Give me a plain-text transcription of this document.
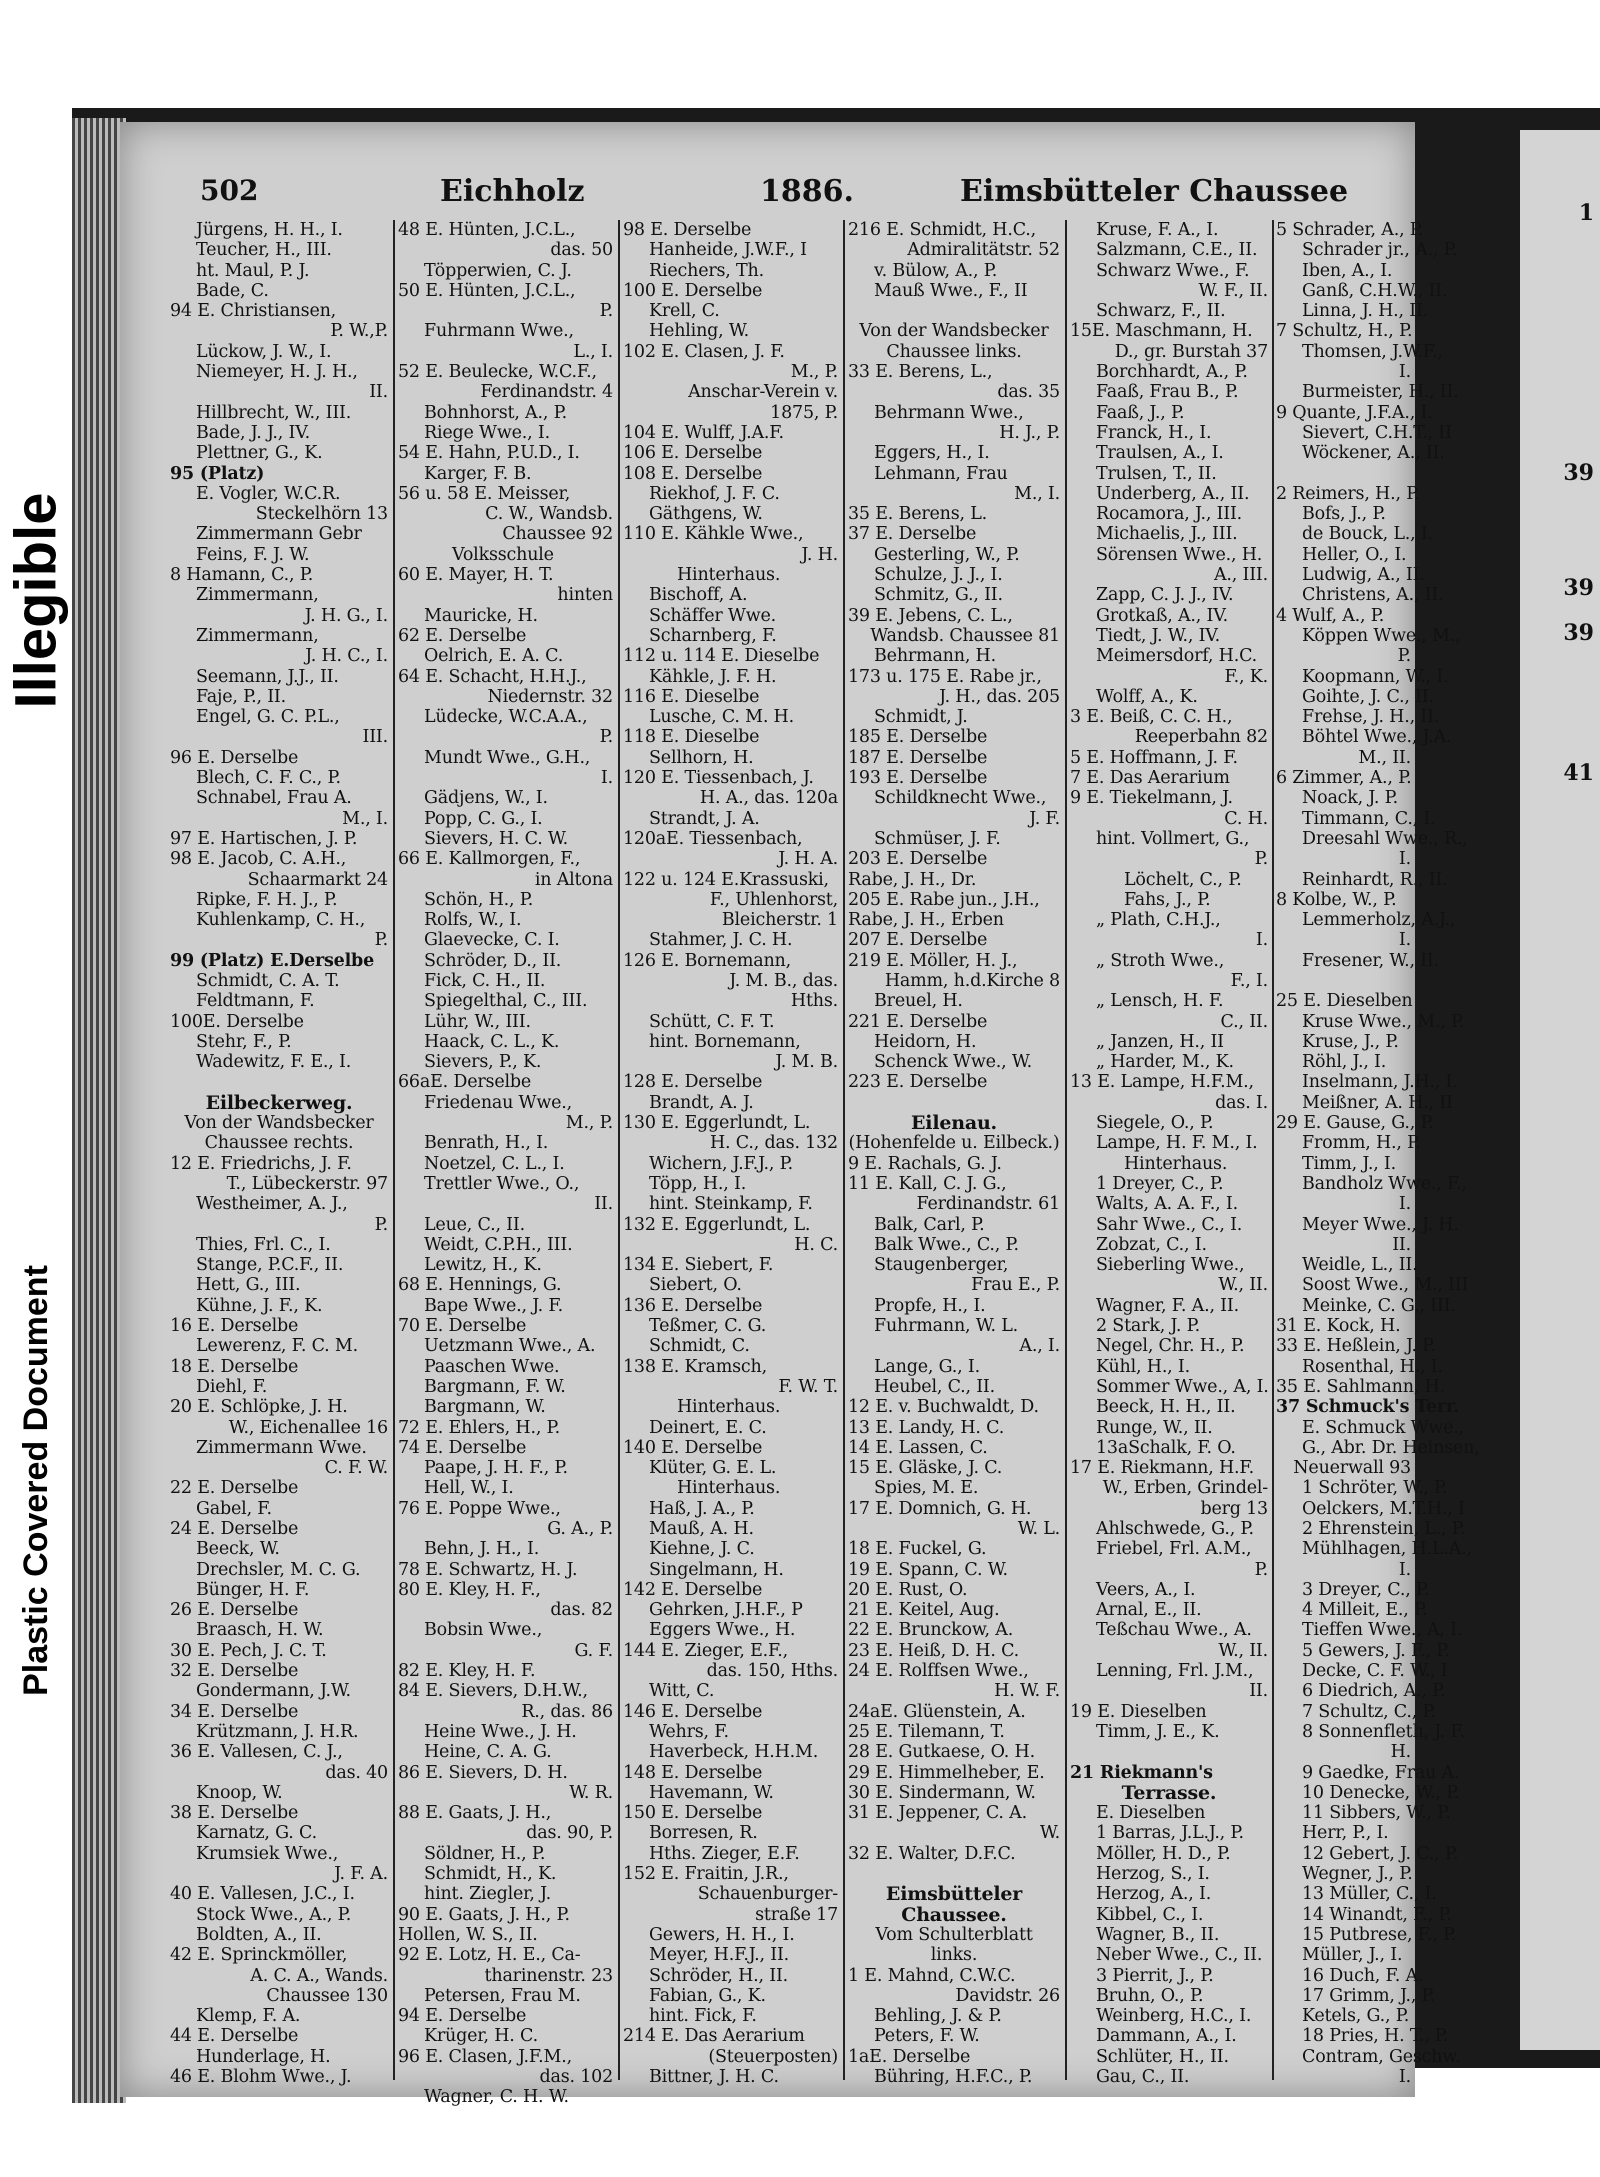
Illegible
Plastic Covered Document
1
39
39
39
41
502	Eichholz	1886.	Eimsbütteler Chaussee
Jürgens, H. H., I.
Teucher, H., III.
ht. Maul, P. J.
Bade, C.
94 E. Christiansen,
P. W.,P.
Lückow, J. W., I.
Niemeyer, H. J. H.,
II.
Hillbrecht, W., III.
Bade, J. J., IV.
Plettner, G., K.
95 (Platz)
E. Vogler, W.C.R.
Steckelhörn 13
Zimmermann Gebr
Feins, F. J. W.
8 Hamann, C., P.
Zimmermann,
J. H. G., I.
Zimmermann,
J. H. C., I.
Seemann, J.J., II.
Faje, P., II.
Engel, G. C. P.L.,
III.
96 E. Derselbe
Blech, C. F. C., P.
Schnabel, Frau A.
M., I.
97 E. Hartischen, J. P.
98 E. Jacob, C. A.H.,
Schaarmarkt 24
Ripke, F. H. J., P.
Kuhlenkamp, C. H.,
P.
99 (Platz) E.Derselbe
Schmidt, C. A. T.
Feldtmann, F.
100E. Derselbe
Stehr, F., P.
Wadewitz, F. E., I.
Eilbeckerweg.
Von der Wandsbecker
Chaussee rechts.
12 E. Friedrichs, J. F.
T., Lübeckerstr. 97
Westheimer, A. J.,
P.
Thies, Frl. C., I.
Stange, P.C.F., II.
Hett, G., III.
Kühne, J. F., K.
16 E. Derselbe
Lewerenz, F. C. M.
18 E. Derselbe
Diehl, F.
20 E. Schlöpke, J. H.
W., Eichenallee 16
Zimmermann Wwe.
C. F. W.
22 E. Derselbe
Gabel, F.
24 E. Derselbe
Beeck, W.
Drechsler, M. C. G.
Bünger, H. F.
26 E. Derselbe
Braasch, H. W.
30 E. Pech, J. C. T.
32 E. Derselbe
Gondermann, J.W.
34 E. Derselbe
Krützmann, J. H.R.
36 E. Vallesen, C. J.,
das. 40
Knoop, W.
38 E. Derselbe
Karnatz, G. C.
Krumsiek Wwe.,
J. F. A.
40 E. Vallesen, J.C., I.
Stock Wwe., A., P.
Boldten, A., II.
42 E. Sprinckmöller,
A. C. A., Wands.
Chaussee 130
Klemp, F. A.
44 E. Derselbe
Hunderlage, H.
46 E. Blohm Wwe., J.
48 E. Hünten, J.C.L.,
das. 50
Töpperwien, C. J.
50 E. Hünten, J.C.L.,
P.
Fuhrmann Wwe.,
L., I.
52 E. Beulecke, W.C.F.,
Ferdinandstr. 4
Bohnhorst, A., P.
Riege Wwe., I.
54 E. Hahn, P.U.D., I.
Karger, F. B.
56 u. 58 E. Meisser,
C. W., Wandsb.
Chaussee 92
Volksschule
60 E. Mayer, H. T.
hinten
Mauricke, H.
62 E. Derselbe
Oelrich, E. A. C.
64 E. Schacht, H.H.J.,
Niedernstr. 32
Lüdecke, W.C.A.A.,
P.
Mundt Wwe., G.H.,
I.
Gädjens, W., I.
Popp, C. G., I.
Sievers, H. C. W.
66 E. Kallmorgen, F.,
in Altona
Schön, H., P.
Rolfs, W., I.
Glaevecke, C. I.
Schröder, D., II.
Fick, C. H., II.
Spiegelthal, C., III.
Lühr, W., III.
Haack, C. L., K.
Sievers, P., K.
66aE. Derselbe
Friedenau Wwe.,
M., P.
Benrath, H., I.
Noetzel, C. L., I.
Trettler Wwe., O.,
II.
Leue, C., II.
Weidt, C.P.H., III.
Lewitz, H., K.
68 E. Hennings, G.
Bape Wwe., J. F.
70 E. Derselbe
Uetzmann Wwe., A.
Paaschen Wwe.
Bargmann, F. W.
Bargmann, W.
72 E. Ehlers, H., P.
74 E. Derselbe
Paape, J. H. F., P.
Hell, W., I.
76 E. Poppe Wwe.,
G. A., P.
Behn, J. H., I.
78 E. Schwartz, H. J.
80 E. Kley, H. F.,
das. 82
Bobsin Wwe.,
G. F.
82 E. Kley, H. F.
84 E. Sievers, D.H.W.,
R., das. 86
Heine Wwe., J. H.
Heine, C. A. G.
86 E. Sievers, D. H.
W. R.
88 E. Gaats, J. H.,
das. 90, P.
Söldner, H., P.
Schmidt, H., K.
hint. Ziegler, J.
90 E. Gaats, J. H., P.
Hollen, W. S., II.
92 E. Lotz, H. E., Ca-
tharinenstr. 23
Petersen, Frau M.
94 E. Derselbe
Krüger, H. C.
96 E. Clasen, J.F.M.,
das. 102
Wagner, C. H. W.
98 E. Derselbe
Hanheide, J.W.F., I
Riechers, Th.
100 E. Derselbe
Krell, C.
Hehling, W.
102 E. Clasen, J. F.
M., P.
Anschar-Verein v.
1875, P.
104 E. Wulff, J.A.F.
106 E. Derselbe
108 E. Derselbe
Riekhof, J. F. C.
Gäthgens, W.
110 E. Kähkle Wwe.,
J. H.
Hinterhaus.
Bischoff, A.
Schäffer Wwe.
Scharnberg, F.
112 u. 114 E. Dieselbe
Kähkle, J. F. H.
116 E. Dieselbe
Lusche, C. M. H.
118 E. Dieselbe
Sellhorn, H.
120 E. Tiessenbach, J.
H. A., das. 120a
Strandt, J. A.
120aE. Tiessenbach,
J. H. A.
122 u. 124 E.Krassuski,
F., Uhlenhorst,
Bleicherstr. 1
Stahmer, J. C. H.
126 E. Bornemann,
J. M. B., das.
Hths.
Schütt, C. F. T.
hint. Bornemann,
J. M. B.
128 E. Derselbe
Brandt, A. J.
130 E. Eggerlundt, L.
H. C., das. 132
Wichern, J.F.J., P.
Töpp, H., I.
hint. Steinkamp, F.
132 E. Eggerlundt, L.
H. C.
134 E. Siebert, F.
Siebert, O.
136 E. Derselbe
Teßmer, C. G.
Schmidt, C.
138 E. Kramsch,
F. W. T.
Hinterhaus.
Deinert, E. C.
140 E. Derselbe
Klüter, G. E. L.
Hinterhaus.
Haß, J. A., P.
Mauß, A. H.
Kiehne, J. C.
Singelmann, H.
142 E. Derselbe
Gehrken, J.H.F., P
Eggers Wwe., H.
144 E. Zieger, E.F.,
das. 150, Hths.
Witt, C.
146 E. Derselbe
Wehrs, F.
Haverbeck, H.H.M.
148 E. Derselbe
Havemann, W.
150 E. Derselbe
Borresen, R.
Hths. Zieger, E.F.
152 E. Fraitin, J.R.,
Schauenburger-
straße 17
Gewers, H. H., I.
Meyer, H.F.J., II.
Schröder, H., II.
Fabian, G., K.
hint. Fick, F.
214 E. Das Aerarium
(Steuerposten)
Bittner, J. H. C.
216 E. Schmidt, H.C.,
Admiralitätstr. 52
v. Bülow, A., P.
Mauß Wwe., F., II
Von der Wandsbecker
Chaussee links.
33 E. Berens, L.,
das. 35
Behrmann Wwe.,
H. J., P.
Eggers, H., I.
Lehmann, Frau
M., I.
35 E. Berens, L.
37 E. Derselbe
Gesterling, W., P.
Schulze, J. J., I.
Schmitz, G., II.
39 E. Jebens, C. L.,
Wandsb. Chaussee 81
Behrmann, H.
173 u. 175 E. Rabe jr.,
J. H., das. 205
Schmidt, J.
185 E. Derselbe
187 E. Derselbe
193 E. Derselbe
Schildknecht Wwe.,
J. F.
Schmüser, J. F.
203 E. Derselbe
Rabe, J. H., Dr.
205 E. Rabe jun., J.H.,
Rabe, J. H., Erben
207 E. Derselbe
219 E. Möller, H. J.,
Hamm, h.d.Kirche 8
Breuel, H.
221 E. Derselbe
Heidorn, H.
Schenck Wwe., W.
223 E. Derselbe
Eilenau.
(Hohenfelde u. Eilbeck.)
9 E. Rachals, G. J.
11 E. Kall, C. J. G.,
Ferdinandstr. 61
Balk, Carl, P.
Balk Wwe., C., P.
Staugenberger,
Frau E., P.
Propfe, H., I.
Fuhrmann, W. L.
A., I.
Lange, G., I.
Heubel, C., II.
12 E. v. Buchwaldt, D.
13 E. Landy, H. C.
14 E. Lassen, C.
15 E. Gläske, J. C.
Spies, M. E.
17 E. Domnich, G. H.
W. L.
18 E. Fuckel, G.
19 E. Spann, C. W.
20 E. Rust, O.
21 E. Keitel, Aug.
22 E. Brunckow, A.
23 E. Heiß, D. H. C.
24 E. Rolffsen Wwe.,
H. W. F.
24aE. Glüenstein, A.
25 E. Tilemann, T.
28 E. Gutkaese, O. H.
29 E. Himmelheber, E.
30 E. Sindermann, W.
31 E. Jeppener, C. A.
W.
32 E. Walter, D.F.C.
Eimsbütteler
Chaussee.
Vom Schulterblatt
links.
1 E. Mahnd, C.W.C.
Davidstr. 26
Behling, J. & P.
Peters, F. W.
1aE. Derselbe
Bühring, H.F.C., P.
Kruse, F. A., I.
Salzmann, C.E., II.
Schwarz Wwe., F.
W. F., II.
Schwarz, F., II.
15E. Maschmann, H.
D., gr. Burstah 37
Borchhardt, A., P.
Faaß, Frau B., P.
Faaß, J., P.
Franck, H., I.
Traulsen, A., I.
Trulsen, T., II.
Underberg, A., II.
Rocamora, J., III.
Michaelis, J., III.
Sörensen Wwe., H.
A., III.
Zapp, C. J. J., IV.
Grotkaß, A., IV.
Tiedt, J. W., IV.
Meimersdorf, H.C.
F., K.
Wolff, A., K.
3 E. Beiß, C. C. H.,
Reeperbahn 82
5 E. Hoffmann, J. F.
7 E. Das Aerarium
9 E. Tiekelmann, J.
C. H.
hint. Vollmert, G.,
P.
Löchelt, C., P.
Fahs, J., P.
„ Plath, C.H.J.,
I.
„ Stroth Wwe.,
F., I.
„ Lensch, H. F.
C., II.
„ Janzen, H., II
„ Harder, M., K.
13 E. Lampe, H.F.M.,
das. I.
Siegele, O., P.
Lampe, H. F. M., I.
Hinterhaus.
1 Dreyer, C., P.
Walts, A. A. F., I.
Sahr Wwe., C., I.
Zobzat, C., I.
Sieberling Wwe.,
W., II.
Wagner, F. A., II.
2 Stark, J. P.
Negel, Chr. H., P.
Kühl, H., I.
Sommer Wwe., A, I.
Beeck, H. H., II.
Runge, W., II.
13aSchalk, F. O.
17 E. Riekmann, H.F.
W., Erben, Grindel-
berg 13
Ahlschwede, G., P.
Friebel, Frl. A.M.,
P.
Veers, A., I.
Arnal, E., II.
Teßchau Wwe., A.
W., II.
Lenning, Frl. J.M.,
II.
19 E. Dieselben
Timm, J. E., K.
21 Riekmann's
Terrasse.
E. Dieselben
1 Barras, J.L.J., P.
Möller, H. D., P.
Herzog, S., I.
Herzog, A., I.
Kibbel, C., I.
Wagner, B., II.
Neber Wwe., C., II.
3 Pierrit, J., P.
Bruhn, O., P.
Weinberg, H.C., I.
Dammann, A., I.
Schlüter, H., II.
Gau, C., II.
5 Schrader, A., P.
Schrader jr., A., P.
Iben, A., I.
Ganß, C.H.W., II.
Linna, J. H., II.
7 Schultz, H., P.
Thomsen, J.W.F.,
I.
Burmeister, H., II.
9 Quante, J.F.A., I.
Sievert, C.H.T., II
Wöckener, A., II.
2 Reimers, H., P.
Bofs, J., P.
de Bouck, L., I.
Heller, O., I.
Ludwig, A., II.
Christens, A., II.
4 Wulf, A., P.
Köppen Wwe., M.,
P.
Koopmann, W., I.
Goihte, J. C., II.
Frehse, J. H., II.
Böhtel Wwe., J.A.
M., II.
6 Zimmer, A., P.
Noack, J. P.
Timmann, C., I.
Dreesahl Wwe., R.,
I.
Reinhardt, R., II.
8 Kolbe, W., P.
Lemmerholz, A.J.,
I.
Fresener, W., II.
25 E. Dieselben
Kruse Wwe., M., P.
Kruse, J., P.
Röhl, J., I.
Inselmann, J.H., I.
Meißner, A. H., II
29 E. Gause, G., P.
Fromm, H., P.
Timm, J., I.
Bandholz Wwe., F.,
I.
Meyer Wwe., J. H.
II.
Weidle, L., II.
Soost Wwe., M., III
Meinke, C. G., III.
31 E. Kock, H.
33 E. Heßlein, J. P.
Rosenthal, H., I.
35 E. Sahlmann, H.
37 Schmuck's Terr.
E. Schmuck Wwe.,
G., Abr. Dr. Heinsen,
Neuerwall 93
1 Schröter, W., P.
Oelckers, M.T.H., I
2 Ehrenstein, L., P.
Mühlhagen, H.L.A.,
I.
3 Dreyer, C., P.
4 Milleit, E., P.
Tieffen Wwe., A, I.
5 Gewers, J. F., P.
Decke, C. F. W., I
6 Diedrich, A., P.
7 Schultz, C., P.
8 Sonnenfleth, J. F.
H.
9 Gaedke, Frau A.
10 Denecke, W., P.
11 Sibbers, W., P.
Herr, P., I.
12 Gebert, J. C., P.
Wegner, J., P.
13 Müller, C., I.
14 Winandt, F., P.
15 Putbrese, F., P.
Müller, J., I.
16 Duch, F. A.
17 Grimm, J., P.
Ketels, G., P.
18 Pries, H. T., P.
Contram, Geschw.
I.
